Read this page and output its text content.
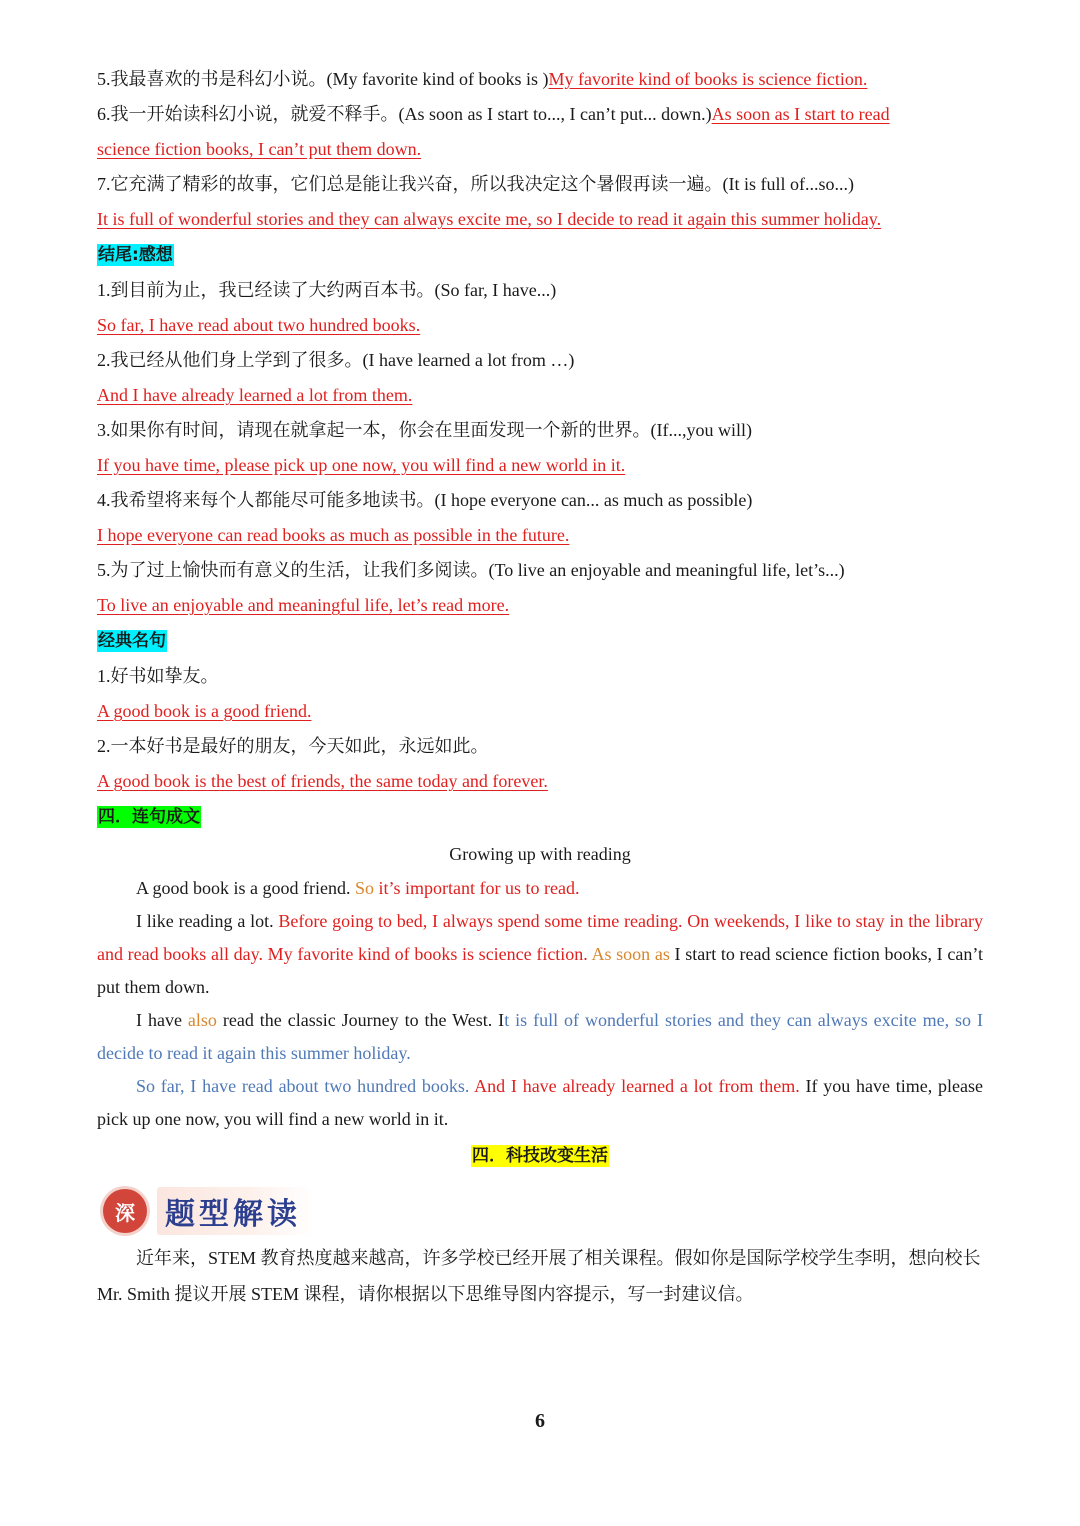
5.我最喜欢的书是科幻小说。(My favorite kind of books is )My favorite kind of books is science fiction.
6.我一开始读科幻小说，就爱不释手。(As soon as I start to..., I can’t put... down.)As soon as I start to read
science fiction books, I can’t put them down.
7.它充满了精彩的故事，它们总是能让我兴奋，所以我决定这个暑假再读一遍。(It is full of...so...)
It is full of wonderful stories and they can always excite me, so I decide to read it again this summer holiday.
结尾:感想
1.到目前为止，我已经读了大约两百本书。(So far, I have...)
So far, I have read about two hundred books.
2.我已经从他们身上学到了很多。(I have learned a lot from …)
And I have already learned a lot from them.
3.如果你有时间，请现在就拿起一本，你会在里面发现一个新的世界。(If...,you will)
If you have time, please pick up one now, you will find a new world in it.
4.我希望将来每个人都能尽可能多地读书。(I hope everyone can... as much as possible)
I hope everyone can read books as much as possible in the future.
5.为了过上愉快而有意义的生活，让我们多阅读。(To live an enjoyable and meaningful life, let’s...)
To live an enjoyable and meaningful life, let’s read more.
经典名句
1.好书如挚友。
A good book is a good friend.
2.一本好书是最好的朋友，今天如此，永远如此。
A good book is the best of friends, the same today and forever.
四．连句成文
Growing up with reading

A good book is a good friend. So it’s important for us to read.

I like reading a lot. Before going to bed, I always spend some time reading. On weekends, I like to stay in the library and read books all day. My favorite kind of books is science fiction. As soon as I start to read science fiction books, I can’t put them down.

I have also read the classic Journey to the West. It is full of wonderful stories and they can always excite me, so I decide to read it again this summer holiday.

So far, I have read about two hundred books. And I have already learned a lot from them. If you have time, please pick up one now, you will find a new world in it.

四．科技改变生活
深	题型解读

近年来，STEM 教育热度越来越高，许多学校已经开展了相关课程。假如你是国际学校学生李明，想向校长 Mr. Smith 提议开展 STEM 课程，请你根据以下思维导图内容提示，写一封建议信。

6
